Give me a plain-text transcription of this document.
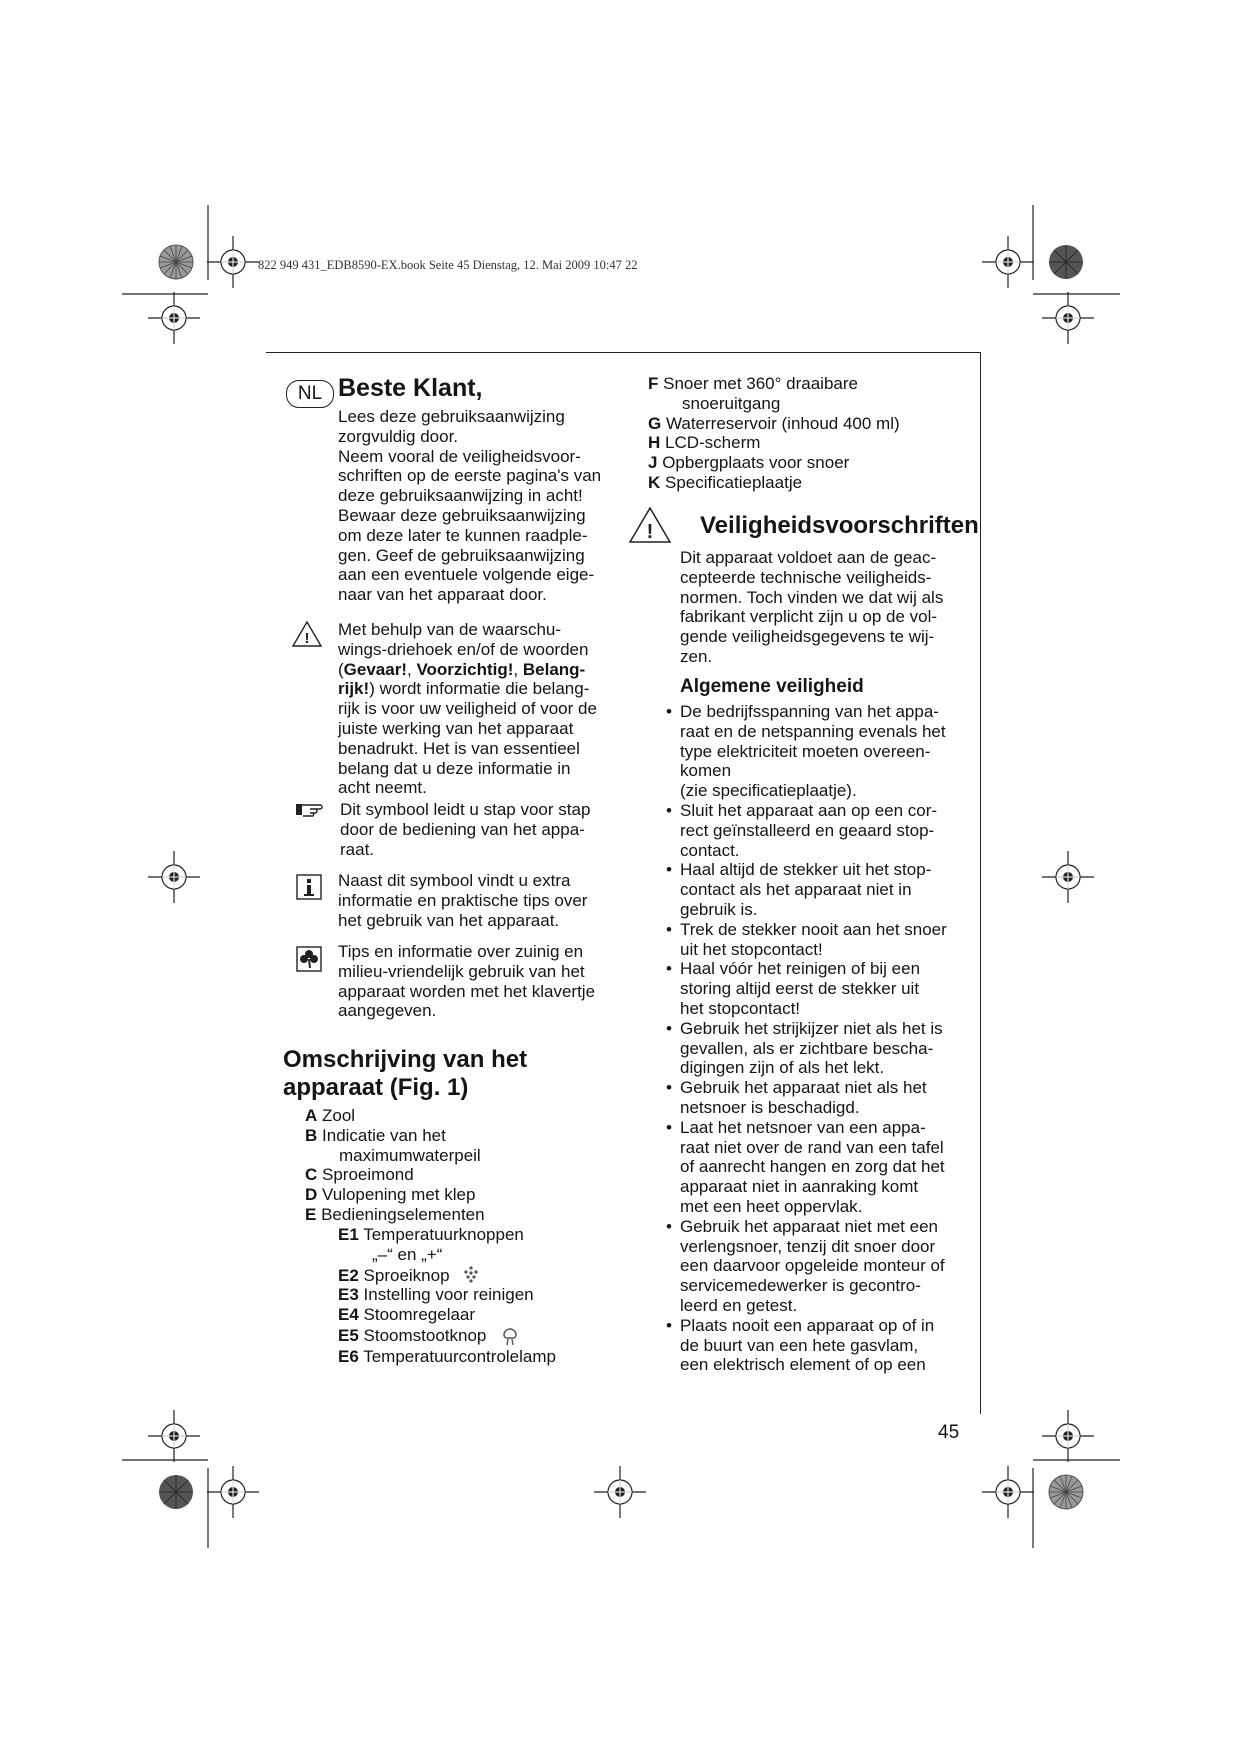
822 949 431_EDB8590-EX.book Seite 45 Dienstag, 12. Mai 2009 10:47 22
NL Beste Klant,

Lees deze gebruiksaanwijzing

zorgvuldig door.

Neem vooral de veiligheidsvoor-

schriften op de eerste pagina's van

deze gebruiksaanwijzing in acht!

Bewaar deze gebruiksaanwijzing

om deze later te kunnen raadple-

gen. Geef de gebruiksaanwijzing

aan een eventuele volgende eige-

naar van het apparaat door.

! Met behulp van de waarschu-

wings-driehoek en/of de woorden

(Gevaar!, Voorzichtig!, Belang-

rijk!) wordt informatie die belang-

rijk is voor uw veiligheid of voor de

juiste werking van het apparaat

benadrukt. Het is van essentieel

belang dat u deze informatie in

acht neemt.

Dit symbool leidt u stap voor stap

door de bediening van het appa-

raat.

Naast dit symbool vindt u extra

informatie en praktische tips over

het gebruik van het apparaat.

Tips en informatie over zuinig en

milieu-vriendelijk gebruik van het

apparaat worden met het klavertje

aangegeven.

Omschrijving van het
apparaat (Fig. 1)

A Zool

B Indicatie van het

maximumwaterpeil

C Sproeimond

D Vulopening met klep

E Bedieningselementen

E1 Temperatuurknoppen

„–“ en „+“

E2 Sproeiknop

E3 Instelling voor reinigen

E4 Stoomregelaar

E5 Stoomstootknop

E6 Temperatuurcontrolelamp

F Snoer met 360° draaibare

snoeruitgang

G Waterreservoir (inhoud 400 ml)

H LCD-scherm

J Opbergplaats voor snoer

K Specificatieplaatje

! Veiligheidsvoorschriften

Dit apparaat voldoet aan de geac-

cepteerde technische veiligheids-

normen. Toch vinden we dat wij als

fabrikant verplicht zijn u op de vol-

gende veiligheidsgegevens te wij-

zen.

Algemene veiligheid

• De bedrijfsspanning van het appa-

raat en de netspanning evenals het

type elektriciteit moeten overeen-

komen

(zie specificatieplaatje).

• Sluit het apparaat aan op een cor-

rect geïnstalleerd en geaard stop-

contact.

• Haal altijd de stekker uit het stop-

contact als het apparaat niet in

gebruik is.

• Trek de stekker nooit aan het snoer

uit het stopcontact!

• Haal vóór het reinigen of bij een

storing altijd eerst de stekker uit

het stopcontact!

• Gebruik het strijkijzer niet als het is

gevallen, als er zichtbare bescha-

digingen zijn of als het lekt.

• Gebruik het apparaat niet als het

netsnoer is beschadigd.

• Laat het netsnoer van een appa-

raat niet over de rand van een tafel

of aanrecht hangen en zorg dat het

apparaat niet in aanraking komt

met een heet oppervlak.

• Gebruik het apparaat niet met een

verlengsnoer, tenzij dit snoer door

een daarvoor opgeleide monteur of

servicemedewerker is gecontro-

leerd en getest.

• Plaats nooit een apparaat op of in

de buurt van een hete gasvlam,

een elektrisch element of op een

45
